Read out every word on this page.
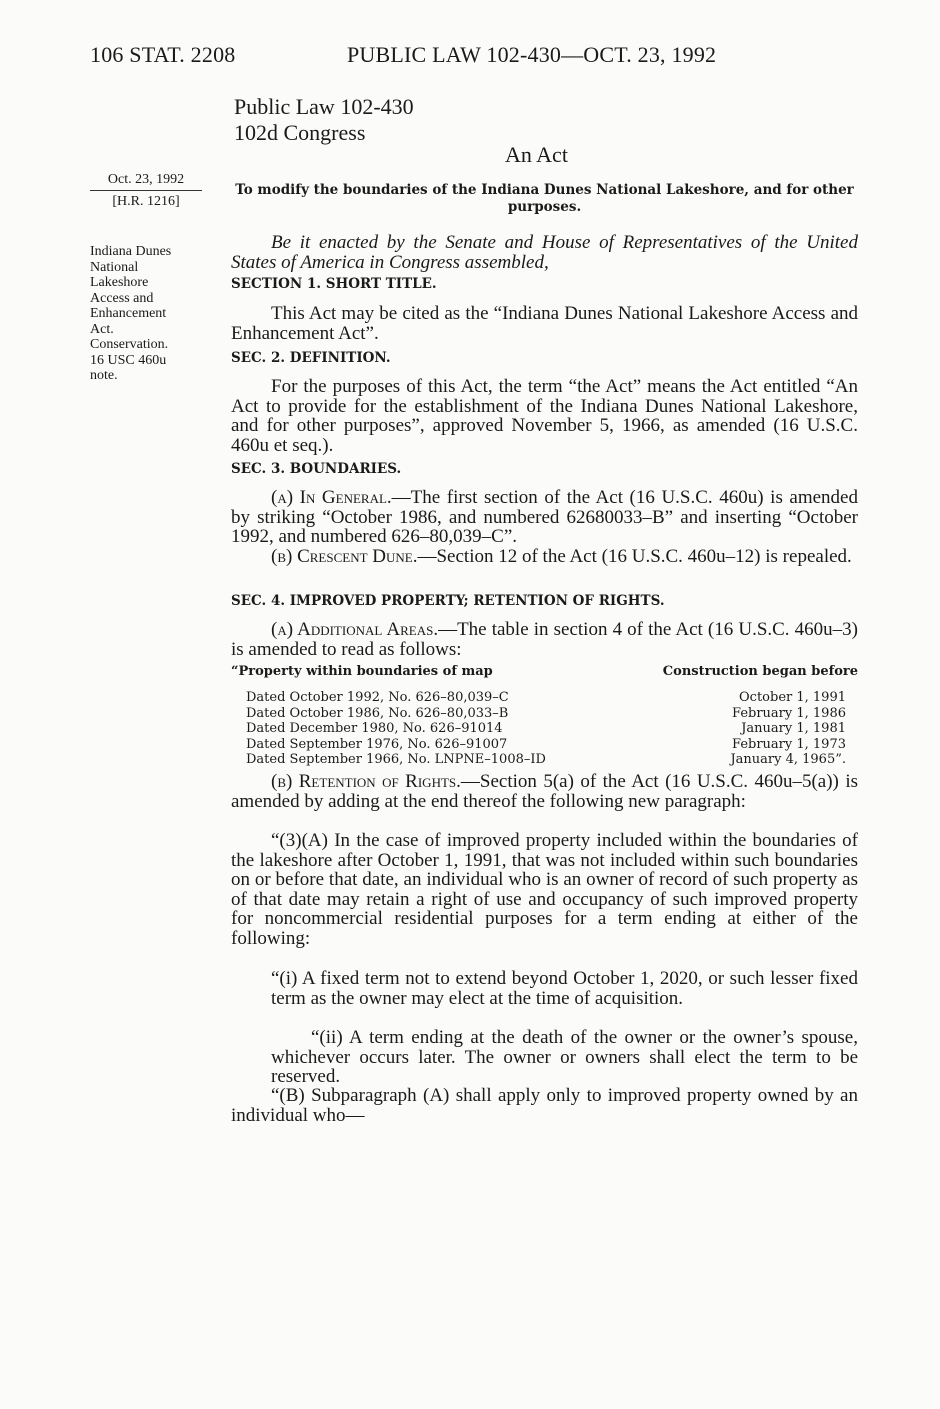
106 STAT. 2208	PUBLIC LAW 102-430—OCT. 23, 1992
Public Law 102-430
102d Congress
An Act
Oct. 23, 1992
[H.R. 1216]
Indiana Dunes
National
Lakeshore
Access and
Enhancement
Act.
Conservation.
16 USC 460u
note.
To modify the boundaries of the Indiana Dunes National Lakeshore, and for other purposes.

Be it enacted by the Senate and House of Representatives of the United States of America in Congress assembled,

SECTION 1. SHORT TITLE.

This Act may be cited as the “Indiana Dunes National Lakeshore Access and Enhancement Act”.

SEC. 2. DEFINITION.

For the purposes of this Act, the term “the Act” means the Act entitled “An Act to provide for the establishment of the Indiana Dunes National Lakeshore, and for other purposes”, approved November 5, 1966, as amended (16 U.S.C. 460u et seq.).

SEC. 3. BOUNDARIES.

(a) In General.—The first section of the Act (16 U.S.C. 460u) is amended by striking “October 1986, and numbered 62680033–B” and inserting “October 1992, and numbered 626–80,039–C”.

(b) Crescent Dune.—Section 12 of the Act (16 U.S.C. 460u–12) is repealed.

SEC. 4. IMPROVED PROPERTY; RETENTION OF RIGHTS.

(a) Additional Areas.—The table in section 4 of the Act (16 U.S.C. 460u–3) is amended to read as follows:

“Property within boundaries of map	Construction began before
Dated October 1992, No. 626–80,039–C	October 1, 1991
Dated October 1986, No. 626–80,033–B	February 1, 1986
Dated December 1980, No. 626–91014	January 1, 1981
Dated September 1976, No. 626–91007	February 1, 1973
Dated September 1966, No. LNPNE–1008–ID	January 4, 1965”.

(b) Retention of Rights.—Section 5(a) of the Act (16 U.S.C. 460u–5(a)) is amended by adding at the end thereof the following new paragraph:

“(3)(A) In the case of improved property included within the boundaries of the lakeshore after October 1, 1991, that was not included within such boundaries on or before that date, an individual who is an owner of record of such property as of that date may retain a right of use and occupancy of such improved property for noncommercial residential purposes for a term ending at either of the following:

“(i) A fixed term not to extend beyond October 1, 2020, or such lesser fixed term as the owner may elect at the time of acquisition.

“(ii) A term ending at the death of the owner or the owner’s spouse, whichever occurs later. The owner or owners shall elect the term to be reserved.

“(B) Subparagraph (A) shall apply only to improved property owned by an individual who—
